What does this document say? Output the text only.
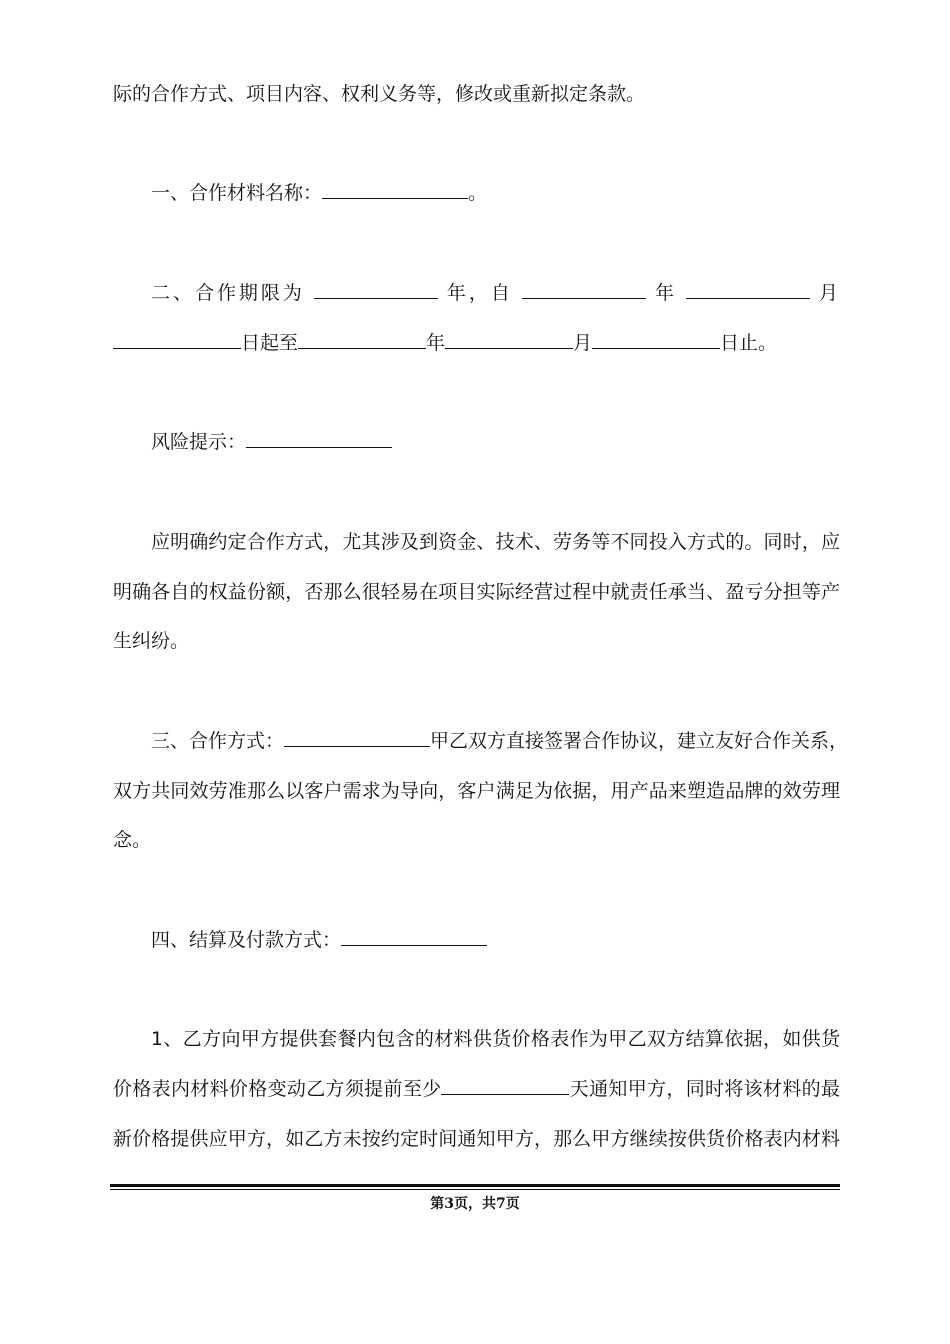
际的合作方式、项目内容、权利义务等，修改或重新拟定条款。
一、合作材料名称：	。
二、合作期限为	年，自	年	月
日起至	年	月	日止。
风险提示：
应明确约定合作方式，尤其涉及到资金、技术、劳务等不同投入方式的。同时，应
明确各自的权益份额，否那么很轻易在项目实际经营过程中就责任承当、盈亏分担等产
生纠纷。
三、合作方式：	甲乙双方直接签署合作协议，建立友好合作关系，
双方共同效劳准那么以客户需求为导向，客户满足为依据，用产品来塑造品牌的效劳理
念。
四、结算及付款方式：
1、乙方向甲方提供套餐内包含的材料供货价格表作为甲乙双方结算依据，如供货
价格表内材料价格变动乙方须提前至少	天通知甲方，同时将该材料的最
新价格提供应甲方，如乙方未按约定时间通知甲方，那么甲方继续按供货价格表内材料
第3页，共7页
